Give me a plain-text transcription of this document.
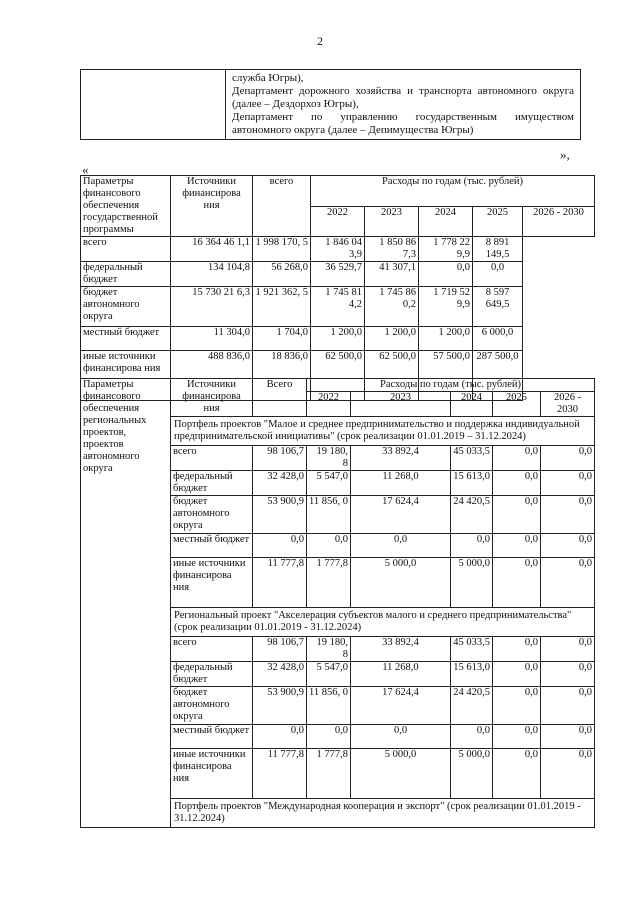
2

служба Югры),
Департамент дорожного хозяйства и транспорта автономного округа (далее – Дездорхоз Югры),
Департамент по управлению государственным имуществом автономного округа (далее – Депимущества Югры)
»,
«
Параметры финансового обеспечения государственной программы	Источники финансирова ния	всего	Расходы по годам (тыс. рублей)				
			2022	2023	2024	2025	2026 - 2030
всего	16 364 46 1,1	1 998 170, 5	1 846 04 3,9	1 850 86 7,3	1 778 22 9,9	8 891 149,5	
федеральный бюджет	134 104,8	56 268,0	36 529,7	41 307,1	0,0	0,0	
бюджет автономного округа	15 730 21 6,3	1 921 362, 5	1 745 81 4,2	1 745 86 0,2	1 719 52 9,9	8 597 649,5	
местный бюджет	11 304,0	1 704,0	1 200,0	1 200,0	1 200,0	6 000,0	
иные источники финансирова ния	488 836,0	18 836,0	62 500,0	62 500,0	57 500,0	287 500,0	
Параметры финансового обеспечения региональных проектов, проектов автономного округа	Источники финансирова ния	Всего	Расходы по годам (тыс. рублей)				
			2022	2023	2024	2025	2026 - 2030
	Портфель проектов "Малое и среднее предпринимательство и поддержка индивидуальной предпринимательской инициативы" (срок реализации 01.01.2019 – 31.12.2024)						
	всего	98 106,7	19 180, 8	33 892,4	45 033,5	0,0	0,0
	федеральный бюджет	32 428,0	5 547,0	11 268,0	15 613,0	0,0	0,0
	бюджет автономного округа	53 900,9	11 856, 0	17 624,4	24 420,5	0,0	0,0
	местный бюджет	0,0	0,0	0,0	0,0	0,0	0,0
	иные источники финансирова ния	11 777,8	1 777,8	5 000,0	5 000,0	0,0	0,0
	Региональный проект "Акселерация субъектов малого и среднего предпринимательства" (срок реализации 01.01.2019 - 31.12.2024)						
	всего	98 106,7	19 180, 8	33 892,4	45 033,5	0,0	0,0
	федеральный бюджет	32 428,0	5 547,0	11 268,0	15 613,0	0,0	0,0
	бюджет автономного округа	53 900,9	11 856, 0	17 624,4	24 420,5	0,0	0,0
	местный бюджет	0,0	0,0	0,0	0,0	0,0	0,0
	иные источники финансирова ния	11 777,8	1 777,8	5 000,0	5 000,0	0,0	0,0
	Портфель проектов "Международная кооперация и экспорт" (срок реализации 01.01.2019 - 31.12.2024)						
